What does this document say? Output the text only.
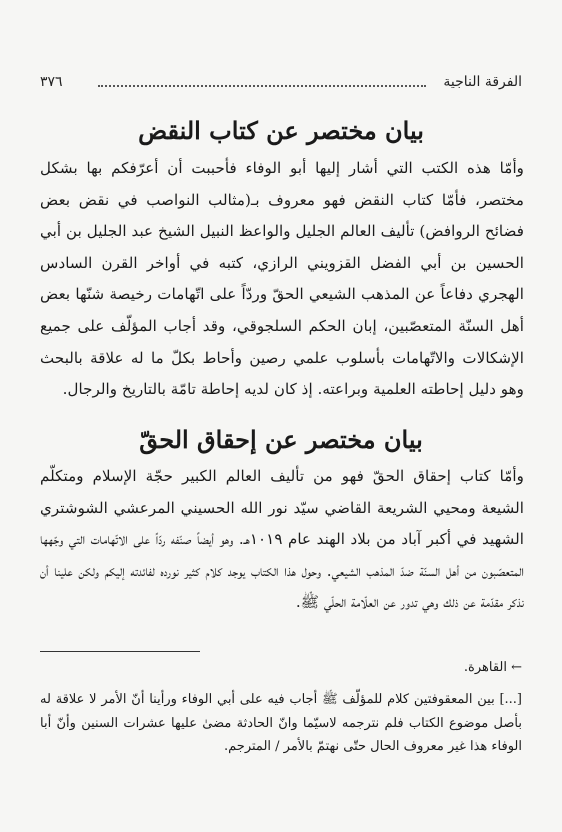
الفرقة الناجية
٣٧٦
بيان مختصر عن كتاب النقض

وأمّا هذه الكتب التي أشار إليها أبو الوفاء فأحببت أن أعرّفكم بها بشكل مختصر، فأمّا كتاب النقض فهو معروف بـ(مثالب النواصب في نقض بعض فضائح الروافض) تأليف العالم الجليل والواعظ النبيل الشيخ عبد الجليل بن أبي الحسين بن أبي الفضل القزويني الرازي، كتبه في أواخر القرن السادس الهجري دفاعاً عن المذهب الشيعي الحقّ وردّاً على اتّهامات رخيصة شنّها بعض أهل السنّة المتعصّبين، إبان الحكم السلجوقي، وقد أجاب المؤلّف على جميع الإشكالات والاتّهامات بأسلوب علمي رصين وأحاط بكلّ ما له علاقة بالبحث وهو دليل إحاطته العلمية وبراعته. إذ كان لديه إحاطة تامّة بالتاريخ والرجال.

بيان مختصر عن إحقاق الحقّ

وأمّا كتاب إحقاق الحقّ فهو من تأليف العالم الكبير حجّة الإسلام ومتكلّم الشيعة ومحيي الشريعة القاضي سيّد نور الله الحسيني المرعشي الشوشتري الشهيد في أكبر آباد من بلاد الهند عام ١٠١٩هـ. وهو أيضاً صنّفه ردّاً على الاتّهامات التي وجّهها المتعصّبون من أهل السنّة ضدّ المذهب الشيعي. وحول هذا الكتاب يوجد كلام كثير نورده لفائدته إليكم ولكن علينا أن نذكر مقدّمة عن ذلك وهي تدور عن العلّامة الحلّي ﷺ.

← القاهرة.
[...] بين المعقوفتين كلام للمؤلّف ﷺ أجاب فيه على أبي الوفاء ورأينا أنّ الأمر لا علاقة له بأصل موضوع الكتاب فلم نترجمه لاسيّما وانّ الحادثة مضىٰ عليها عشرات السنين وأنّ أبا الوفاء هذا غير معروف الحال حتّى نهتمّ بالأمر / المترجم.
